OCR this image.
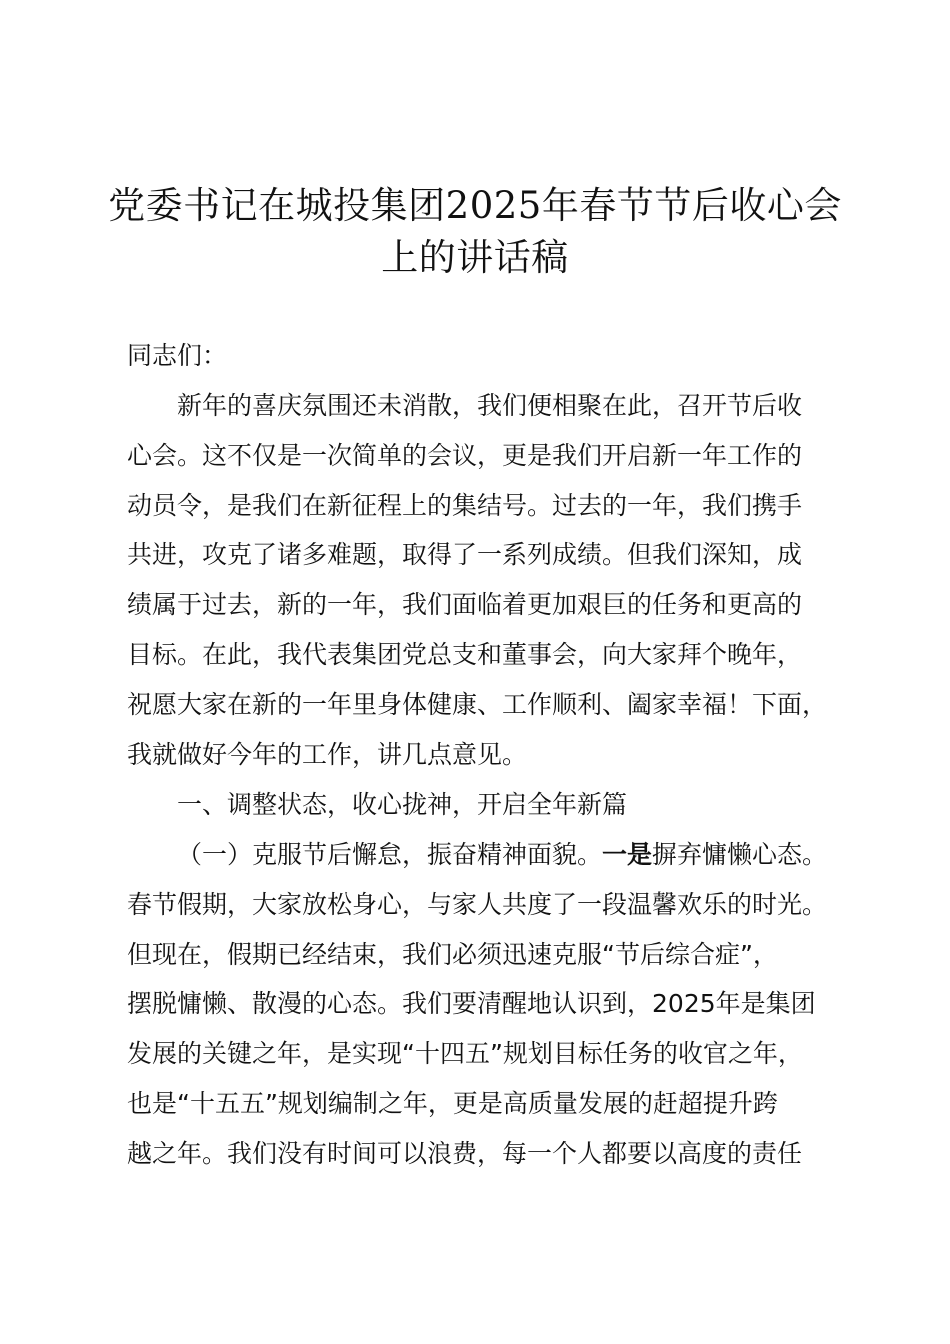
党委书记在城投集团2025年春节节后收心会
上的讲话稿
同志们：
新年的喜庆氛围还未消散，我们便相聚在此，召开节后收
心会。这不仅是一次简单的会议，更是我们开启新一年工作的
动员令，是我们在新征程上的集结号。过去的一年，我们携手
共进，攻克了诸多难题，取得了一系列成绩。但我们深知，成
绩属于过去，新的一年，我们面临着更加艰巨的任务和更高的
目标。在此，我代表集团党总支和董事会，向大家拜个晚年，
祝愿大家在新的一年里身体健康、工作顺利、阖家幸福！下面，
我就做好今年的工作，讲几点意见。
一、调整状态，收心拢神，开启全年新篇
（一）克服节后懈怠，振奋精神面貌。一是摒弃慵懒心态。
春节假期，大家放松身心，与家人共度了一段温馨欢乐的时光。
但现在，假期已经结束，我们必须迅速克服“节后综合症”，
摆脱慵懒、散漫的心态。我们要清醒地认识到，2025年是集团
发展的关键之年，是实现“十四五”规划目标任务的收官之年，
也是“十五五”规划编制之年，更是高质量发展的赶超提升跨
越之年。我们没有时间可以浪费，每一个人都要以高度的责任
